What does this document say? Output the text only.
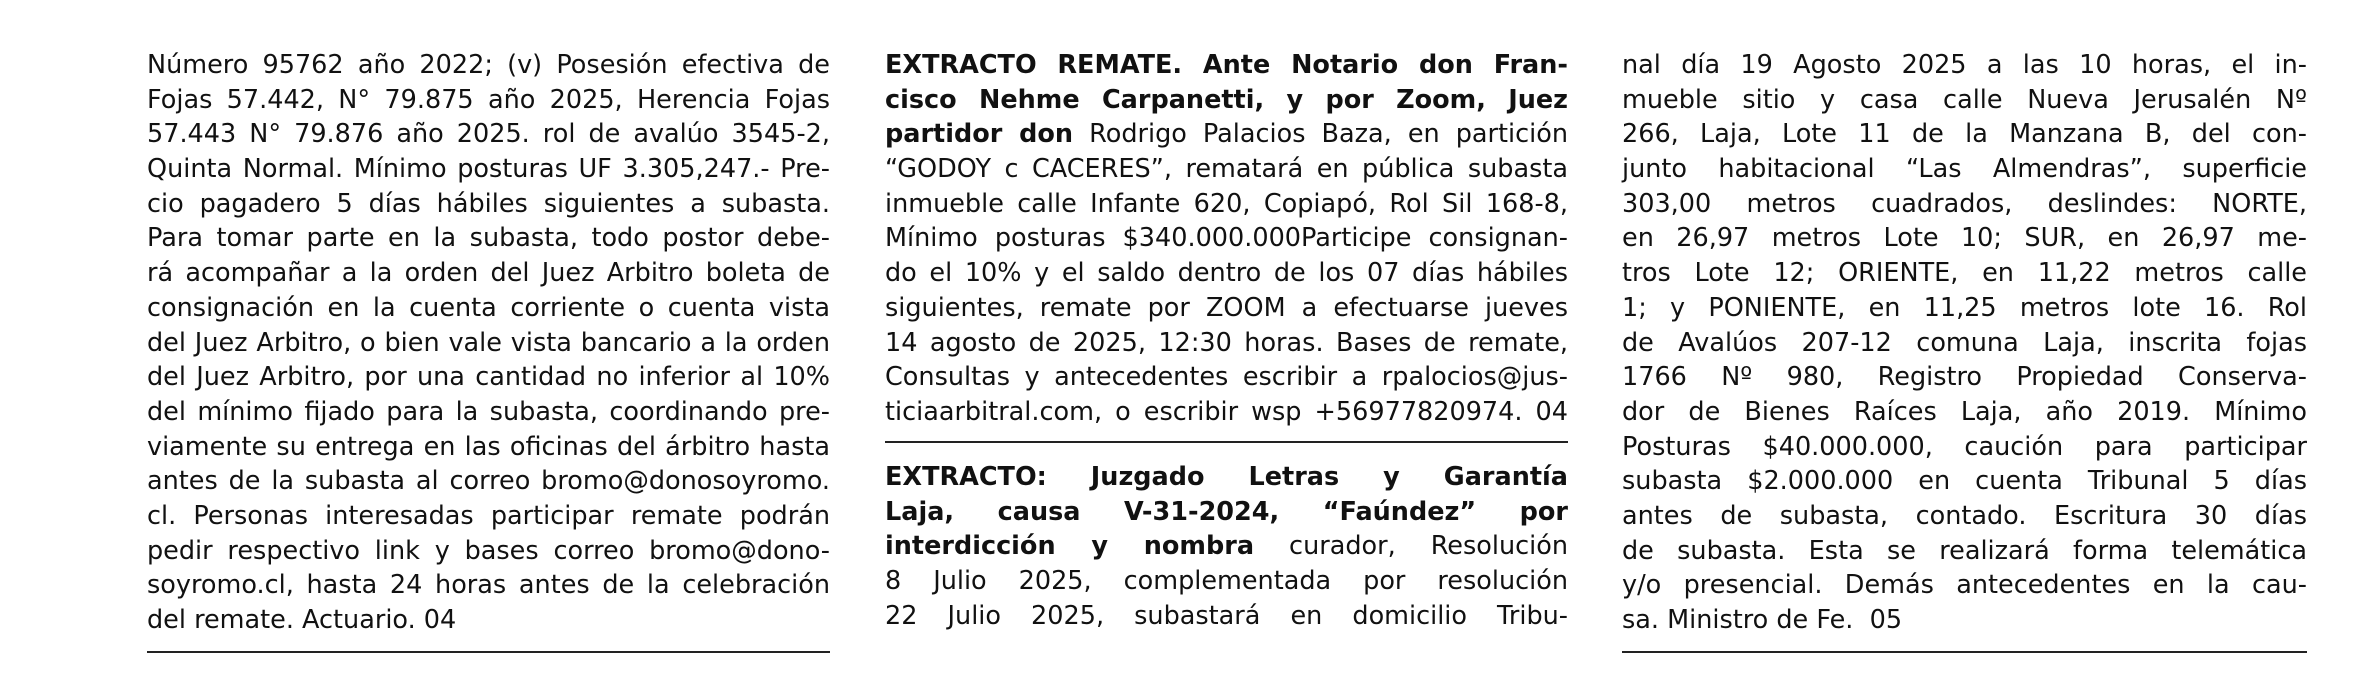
Número 95762 año 2022; (v) Posesión efectiva de
Fojas 57.442, N° 79.875 año 2025, Herencia Fojas
57.443 N° 79.876 año 2025. rol de avalúo 3545-2,
Quinta Normal. Mínimo posturas UF 3.305,247.- Pre-
cio pagadero 5 días hábiles siguientes a subasta.
Para tomar parte en la subasta, todo postor debe-
rá acompañar a la orden del Juez Arbitro boleta de
consignación en la cuenta corriente o cuenta vista
del Juez Arbitro, o bien vale vista bancario a la orden
del Juez Arbitro, por una cantidad no inferior al 10%
del mínimo fijado para la subasta, coordinando pre-
viamente su entrega en las oficinas del árbitro hasta
antes de la subasta al correo bromo@donosoyromo.
cl. Personas interesadas participar remate podrán
pedir respectivo link y bases correo bromo@dono-
soyromo.cl, hasta 24 horas antes de la celebración
del remate. Actuario. 04
EXTRACTO REMATE. Ante Notario don Fran-
cisco Nehme Carpanetti, y por Zoom, Juez
partidor don Rodrigo Palacios Baza, en partición
“GODOY c CACERES”, rematará en pública subasta
inmueble calle Infante 620, Copiapó, Rol Sil 168-8,
Mínimo posturas $340.000.000Participe consignan-
do el 10% y el saldo dentro de los 07 días hábiles
siguientes, remate por ZOOM a efectuarse jueves
14 agosto de 2025, 12:30 horas. Bases de remate,
Consultas y antecedentes escribir a rpalocios@jus-
ticiaarbitral.com, o escribir wsp +56977820974. 04
EXTRACTO: Juzgado Letras y Garantía
Laja, causa V-31-2024, “Faúndez” por
interdicción y nombra curador, Resolución
8 Julio 2025, complementada por resolución
22 Julio 2025, subastará en domicilio Tribu-
nal día 19 Agosto 2025 a las 10 horas, el in-
mueble sitio y casa calle Nueva Jerusalén Nº
266, Laja, Lote 11 de la Manzana B, del con-
junto habitacional “Las Almendras”, superficie
303,00 metros cuadrados, deslindes: NORTE,
en 26,97 metros Lote 10; SUR, en 26,97 me-
tros Lote 12; ORIENTE, en 11,22 metros calle
1; y PONIENTE, en 11,25 metros lote 16. Rol
de Avalúos 207-12 comuna Laja, inscrita fojas
1766 Nº 980, Registro Propiedad Conserva-
dor de Bienes Raíces Laja, año 2019. Mínimo
Posturas $40.000.000, caución para participar
subasta $2.000.000 en cuenta Tribunal 5 días
antes de subasta, contado. Escritura 30 días
de subasta. Esta se realizará forma telemática
y/o presencial. Demás antecedentes en la cau-
sa. Ministro de Fe.  05
